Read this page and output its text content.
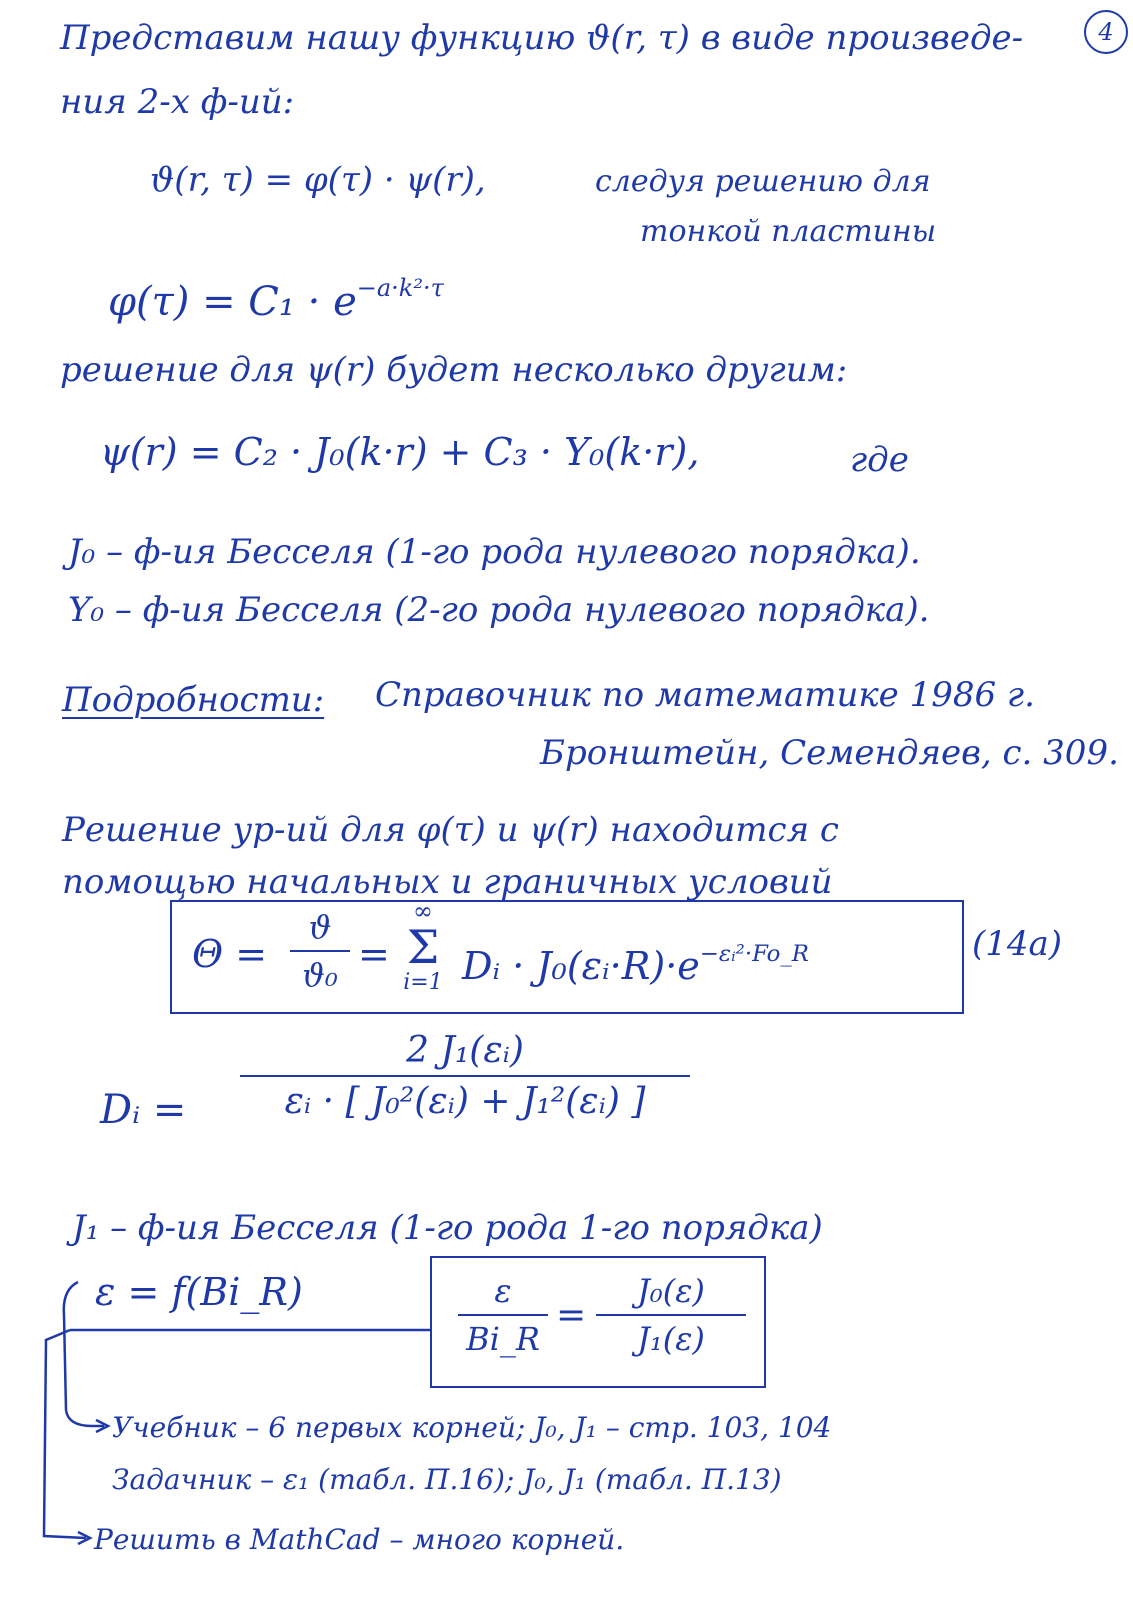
4
Представим нашу функцию ϑ(r, τ) в виде произведе-
ния 2-х ф-ий:
ϑ(r, τ) = φ(τ) · ψ(r),	следуя решению для
тонкой пластины
$\varphi(\tau) = C_1 \cdot e^{-a\cdot k^2\cdot\tau}$
решение для ψ(r) будет несколько другим:
ψ(r) = C₂ · J₀(k·r) + C₃ · Y₀(k·r),	где
J₀ – ф-ия Бесселя (1-го рода нулевого порядка).
Y₀ – ф-ия Бесселя (2-го рода нулевого порядка).
Подробности: Справочник по математике 1986 г.
Бронштейн, Семендяев, с. 309.
Решение ур-ий для φ(τ) и ψ(r) находится с
помощью начальных и граничных условий
Θ =
ϑ
ϑ₀ =
∞
Σ
i=1 Dᵢ · $J_0(\varepsilon ᵢ\cdot R)\cdot e^{-\varepsilon ᵢ^2\cdot Fo\_R}$	(14a)
Dᵢ =
2 J₁(εᵢ)
εᵢ · [ J₀²(εᵢ) + J₁²(εᵢ) ]
J₁ – ф-ия Бесселя (1-го рода 1-го порядка)
ε = f(Bi_R)	ε
Bi_R
=
J₀(ε)
J₁(ε)
Учебник – 6 первых корней; J₀, J₁ – стр. 103, 104
Задачник – ε₁ (табл. П.16); J₀, J₁ (табл. П.13)
Решить в MathCad – много корней.
